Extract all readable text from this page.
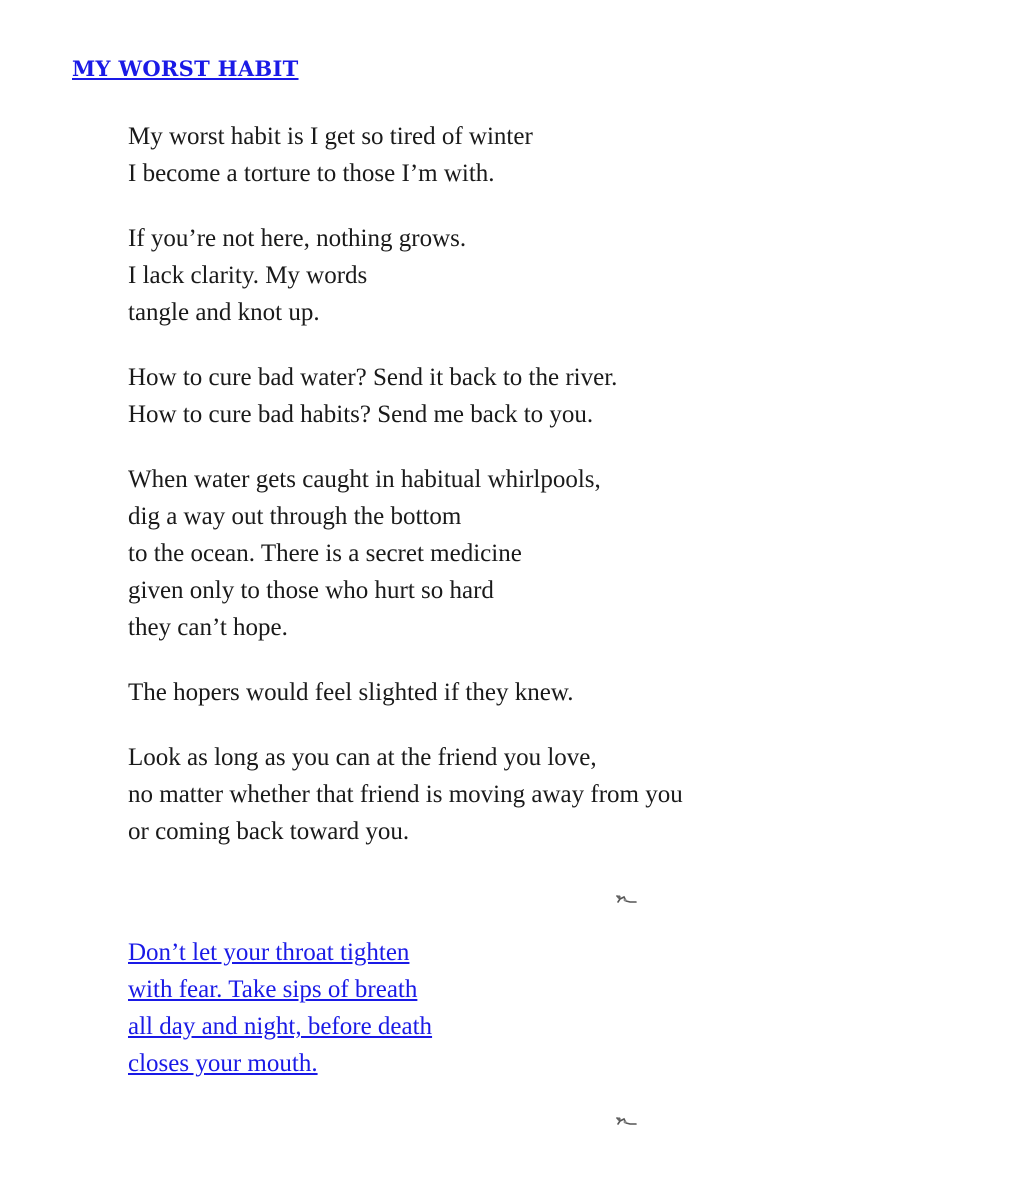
MY WORST HABIT
My worst habit is I get so tired of winter
I become a torture to those I’m with.
If you’re not here, nothing grows.
I lack clarity. My words
tangle and knot up.
How to cure bad water? Send it back to the river.
How to cure bad habits? Send me back to you.
When water gets caught in habitual whirlpools,
dig a way out through the bottom
to the ocean. There is a secret medicine
given only to those who hurt so hard
they can’t hope.
The hopers would feel slighted if they knew.
Look as long as you can at the friend you love,
no matter whether that friend is moving away from you
or coming back toward you.
Don’t let your throat tighten
with fear. Take sips of breath
all day and night, before death
closes your mouth.
